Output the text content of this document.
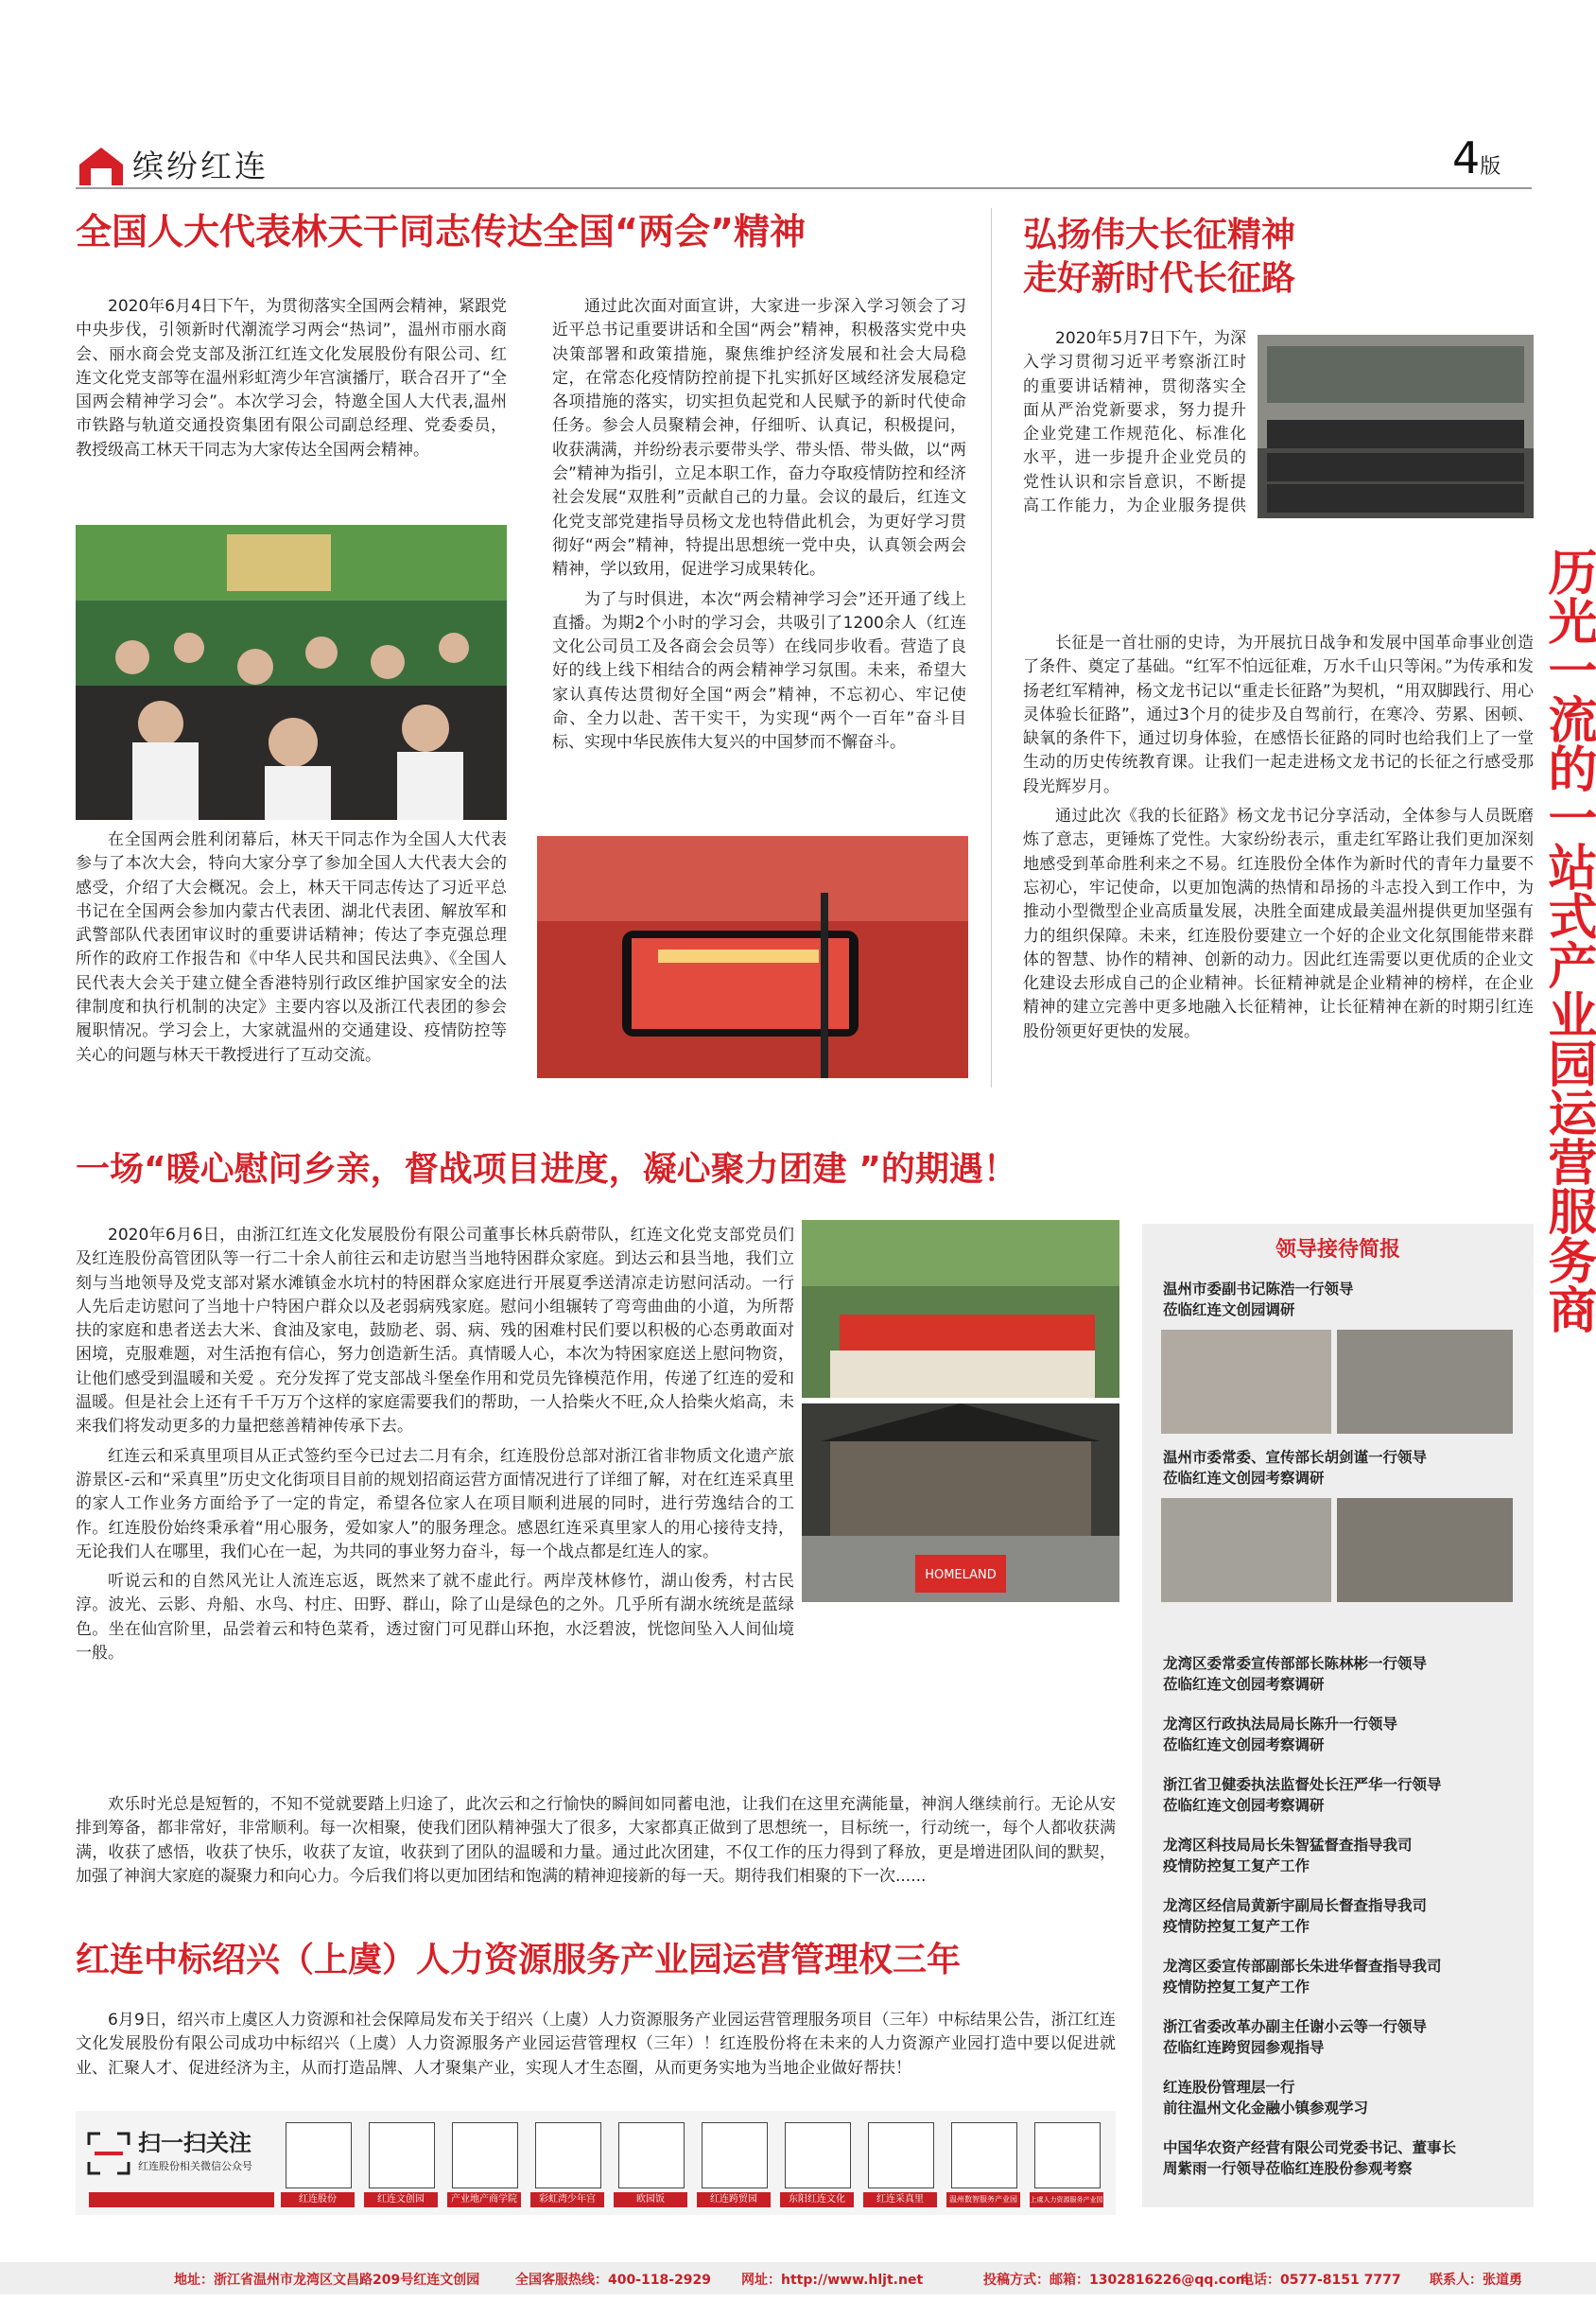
缤纷红连	4版
全国人大代表林天干同志传达全国“两会”精神

2020年6月4日下午，为贯彻落实全国两会精神，紧跟党中央步伐，引领新时代潮流学习两会“热词”，温州市丽水商会、丽水商会党支部及浙江红连文化发展股份有限公司、红连文化党支部等在温州彩虹湾少年宫演播厅，联合召开了“全国两会精神学习会”。本次学习会，特邀全国人大代表,温州市铁路与轨道交通投资集团有限公司副总经理、党委委员，教授级高工林天干同志为大家传达全国两会精神。

在全国两会胜利闭幕后，林天干同志作为全国人大代表参与了本次大会，特向大家分享了参加全国人大代表大会的感受，介绍了大会概况。会上，林天干同志传达了习近平总书记在全国两会参加内蒙古代表团、湖北代表团、解放军和武警部队代表团审议时的重要讲话精神；传达了李克强总理所作的政府工作报告和《中华人民共和国民法典》、《全国人民代表大会关于建立健全香港特别行政区维护国家安全的法律制度和执行机制的决定》主要内容以及浙江代表团的参会履职情况。学习会上，大家就温州的交通建设、疫情防控等关心的问题与林天干教授进行了互动交流。

通过此次面对面宣讲，大家进一步深入学习领会了习近平总书记重要讲话和全国“两会”精神，积极落实党中央决策部署和政策措施，聚焦维护经济发展和社会大局稳定，在常态化疫情防控前提下扎实抓好区域经济发展稳定各项措施的落实，切实担负起党和人民赋予的新时代使命任务。参会人员聚精会神，仔细听、认真记，积极提问，收获满满，并纷纷表示要带头学、带头悟、带头做，以“两会”精神为指引，立足本职工作，奋力夺取疫情防控和经济社会发展“双胜利”贡献自己的力量。会议的最后，红连文化党支部党建指导员杨文龙也特借此机会，为更好学习贯彻好“两会”精神，特提出思想统一党中央，认真领会两会精神，学以致用，促进学习成果转化。

为了与时俱进，本次“两会精神学习会”还开通了线上直播。为期2个小时的学习会，共吸引了1200余人（红连文化公司员工及各商会会员等）在线同步收看。营造了良好的线上线下相结合的两会精神学习氛围。未来，希望大家认真传达贯彻好全国“两会”精神，不忘初心、牢记使命、全力以赴、苦干实干，为实现“两个一百年”奋斗目标、实现中华民族伟大复兴的中国梦而不懈奋斗。

弘扬伟大长征精神
走好新时代长征路
2020年5月7日下午，为深入学习贯彻习近平考察浙江时的重要讲话精神，贯彻落实全面从严治党新要求，努力提升企业党建工作规范化、标准化水平，进一步提升企业党员的党性认识和宗旨意识，不断提高工作能力，为企业服务提供

长征是一首壮丽的史诗，为开展抗日战争和发展中国革命事业创造了条件、奠定了基础。“红军不怕远征难，万水千山只等闲。”为传承和发扬老红军精神，杨文龙书记以“重走长征路”为契机，“用双脚践行、用心灵体验长征路”，通过3个月的徒步及自驾前行，在寒冷、劳累、困顿、缺氧的条件下，通过切身体验，在感悟长征路的同时也给我们上了一堂生动的历史传统教育课。让我们一起走进杨文龙书记的长征之行感受那段光辉岁月。

通过此次《我的长征路》杨文龙书记分享活动，全体参与人员既磨炼了意志，更锤炼了党性。大家纷纷表示，重走红军路让我们更加深刻地感受到革命胜利来之不易。红连股份全体作为新时代的青年力量要不忘初心，牢记使命，以更加饱满的热情和昂扬的斗志投入到工作中，为推动小型微型企业高质量发展，决胜全面建成最美温州提供更加坚强有力的组织保障。未来，红连股份要建立一个好的企业文化氛围能带来群体的智慧、协作的精神、创新的动力。因此红连需要以更优质的企业文化建设去形成自己的企业精神。长征精神就是企业精神的榜样，在企业精神的建立完善中更多地融入长征精神，让长征精神在新的时期引红连股份领更好更快的发展。	历光一流的一站式产业园运营服务商
一场“暖心慰问乡亲，督战项目进度，凝心聚力团建 ”的期遇！

2020年6月6日，由浙江红连文化发展股份有限公司董事长林兵蔚带队，红连文化党支部党员们及红连股份高管团队等一行二十余人前往云和走访慰当当地特困群众家庭。到达云和县当地，我们立刻与当地领导及党支部对紧水滩镇金水坑村的特困群众家庭进行开展夏季送清凉走访慰问活动。一行人先后走访慰问了当地十户特困户群众以及老弱病残家庭。慰问小组辗转了弯弯曲曲的小道，为所帮扶的家庭和患者送去大米、食油及家电，鼓励老、弱、病、残的困难村民们要以积极的心态勇敢面对困境，克服难题，对生活抱有信心，努力创造新生活。真情暖人心，本次为特困家庭送上慰问物资，让他们感受到温暖和关爱 。充分发挥了党支部战斗堡垒作用和党员先锋模范作用，传递了红连的爱和温暖。但是社会上还有千千万万个这样的家庭需要我们的帮助，一人拾柴火不旺,众人拾柴火焰高，未来我们将发动更多的力量把慈善精神传承下去。

红连云和采真里项目从正式签约至今已过去二月有余，红连股份总部对浙江省非物质文化遗产旅游景区-云和“采真里”历史文化街项目目前的规划招商运营方面情况进行了详细了解，对在红连采真里的家人工作业务方面给予了一定的肯定，希望各位家人在项目顺利进展的同时，进行劳逸结合的工作。红连股份始终秉承着“用心服务，爱如家人”的服务理念。感恩红连采真里家人的用心接待支持，无论我们人在哪里，我们心在一起，为共同的事业努力奋斗，每一个战点都是红连人的家。

听说云和的自然风光让人流连忘返，既然来了就不虚此行。两岸茂林修竹，湖山俊秀，村古民淳。波光、云影、舟船、水鸟、村庄、田野、群山，除了山是绿色的之外。几乎所有湖水统统是蓝绿色。坐在仙宫阶里，品尝着云和特色菜肴，透过窗门可见群山环抱，水泛碧波，恍惚间坠入人间仙境一般。

HOMELAND

欢乐时光总是短暂的，不知不觉就要踏上归途了，此次云和之行愉快的瞬间如同蓄电池，让我们在这里充满能量，神润人继续前行。无论从安排到筹备，都非常好，非常顺利。每一次相聚，使我们团队精神强大了很多，大家都真正做到了思想统一，目标统一，行动统一，每个人都收获满满，收获了感悟，收获了快乐，收获了友谊，收获到了团队的温暖和力量。通过此次团建，不仅工作的压力得到了释放，更是增进团队间的默契，加强了神润大家庭的凝聚力和向心力。今后我们将以更加团结和饱满的精神迎接新的每一天。期待我们相聚的下一次......

红连中标绍兴（上虞）人力资源服务产业园运营管理权三年

6月9日，绍兴市上虞区人力资源和社会保障局发布关于绍兴（上虞）人力资源服务产业园运营管理服务项目（三年）中标结果公告，浙江红连文化发展股份有限公司成功中标绍兴（上虞）人力资源服务产业园运营管理权（三年）！红连股份将在未来的人力资源产业园打造中要以促进就业、汇聚人才、促进经济为主，从而打造品牌、人才聚集产业，实现人才生态圈，从而更务实地为当地企业做好帮扶！

领导接待简报
温州市委副书记陈浩一行领导
莅临红连文创园调研
温州市委常委、宣传部长胡剑谨一行领导
莅临红连文创园考察调研
龙湾区委常委宣传部部长陈林彬一行领导
莅临红连文创园考察调研
龙湾区行政执法局局长陈升一行领导
莅临红连文创园考察调研
浙江省卫健委执法监督处长汪严华一行领导
莅临红连文创园考察调研
龙湾区科技局局长朱智猛督查指导我司
疫情防控复工复产工作
龙湾区经信局黄新宇副局长督查指导我司
疫情防控复工复产工作
龙湾区委宣传部副部长朱进华督查指导我司
疫情防控复工复产工作
浙江省委改革办副主任谢小云等一行领导
莅临红连跨贸园参观指导
红连股份管理层一行
前往温州文化金融小镇参观学习
中国华农资产经营有限公司党委书记、董事长
周紫雨一行领导莅临红连股份参观考察
扫一扫关注
红连股份相关微信公众号
红连股份	红连文创园	产业地产商学院	彩虹湾少年宫	欧园饭	红连跨贸园	东阳红连文化	红连采真里	温州数智服务产业园	上虞人力资源服务产业园
地址：浙江省温州市龙湾区文昌路209号红连文创园	全国客服热线：400-118-2929 网址：http://www.hljt.net	投稿方式：邮箱：1302816226@qq.com
电话：0577-8151 7777 联系人：张道勇
